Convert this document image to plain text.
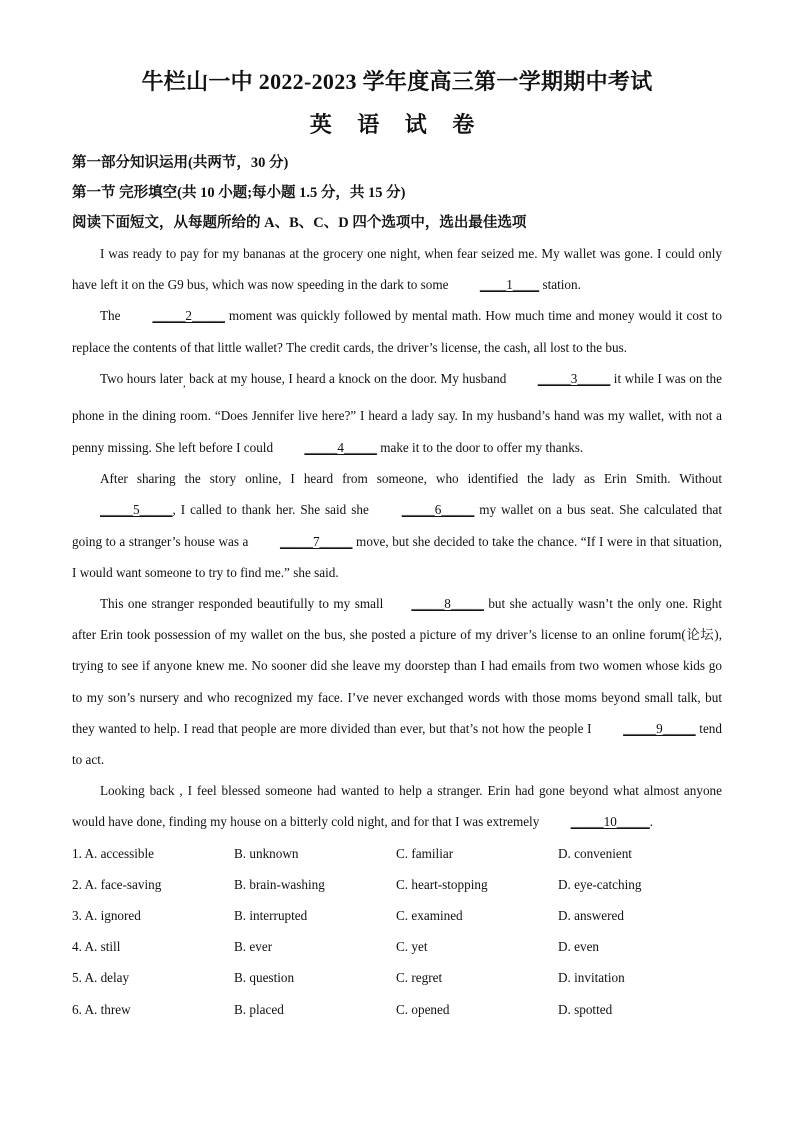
牛栏山一中 2022-2023 学年度高三第一学期期中考试
英 语 试 卷

第一部分知识运用(共两节，30 分)

第一节 完形填空(共 10 小题;每小题 1.5 分，共 15 分)

阅读下面短文，从每题所给的 A、B、C、D 四个选项中，选出最佳选项

I was ready to pay for my bananas at the grocery one night, when fear seized me. My wallet was gone. I could only have left it on the G9 bus, which was now speeding in the dark to some ____1____ station.

The _____2_____ moment was quickly followed by mental math. How much time and money would it cost to replace the contents of that little wallet? The credit cards, the driver’s license, the cash, all lost to the bus.

Two hours later$_,$ back at my house, I heard a knock on the door. My husband _____3_____ it while I was on the phone in the dining room. “Does Jennifer live here?” I heard a lady say. In my husband’s hand was my wallet, with not a penny missing. She left before I could _____4_____ make it to the door to offer my thanks.

After sharing the story online, I heard from someone, who identified the lady as Erin Smith. Without _____5_____, I called to thank her. She said she _____6_____ my wallet on a bus seat. She calculated that going to a stranger’s house was a _____7_____ move, but she decided to take the chance. “If I were in that situation, I would want someone to try to find me.” she said.

This one stranger responded beautifully to my small _____8_____ but she actually wasn’t the only one. Right after Erin took possession of my wallet on the bus, she posted a picture of my driver’s license to an online forum(论坛), trying to see if anyone knew me. No sooner did she leave my doorstep than I had emails from two women whose kids go to my son’s nursery and who recognized my face. I’ve never exchanged words with those moms beyond small talk, but they wanted to help. I read that people are more divided than ever, but that’s not how the people I _____9_____ tend to act.

Looking back , I feel blessed someone had wanted to help a stranger. Erin had gone beyond what almost anyone would have done, finding my house on a bitterly cold night, and for that I was extremely _____10_____.

1. A. accessible	B. unknown	C. familiar	D. convenient
2. A. face-saving	B. brain-washing	C. heart-stopping	D. eye-catching
3. A. ignored	B. interrupted	C. examined	D. answered
4. A. still	B. ever	C. yet	D. even
5. A. delay	B. question	C. regret	D. invitation
6. A. threw	B. placed	C. opened	D. spotted
